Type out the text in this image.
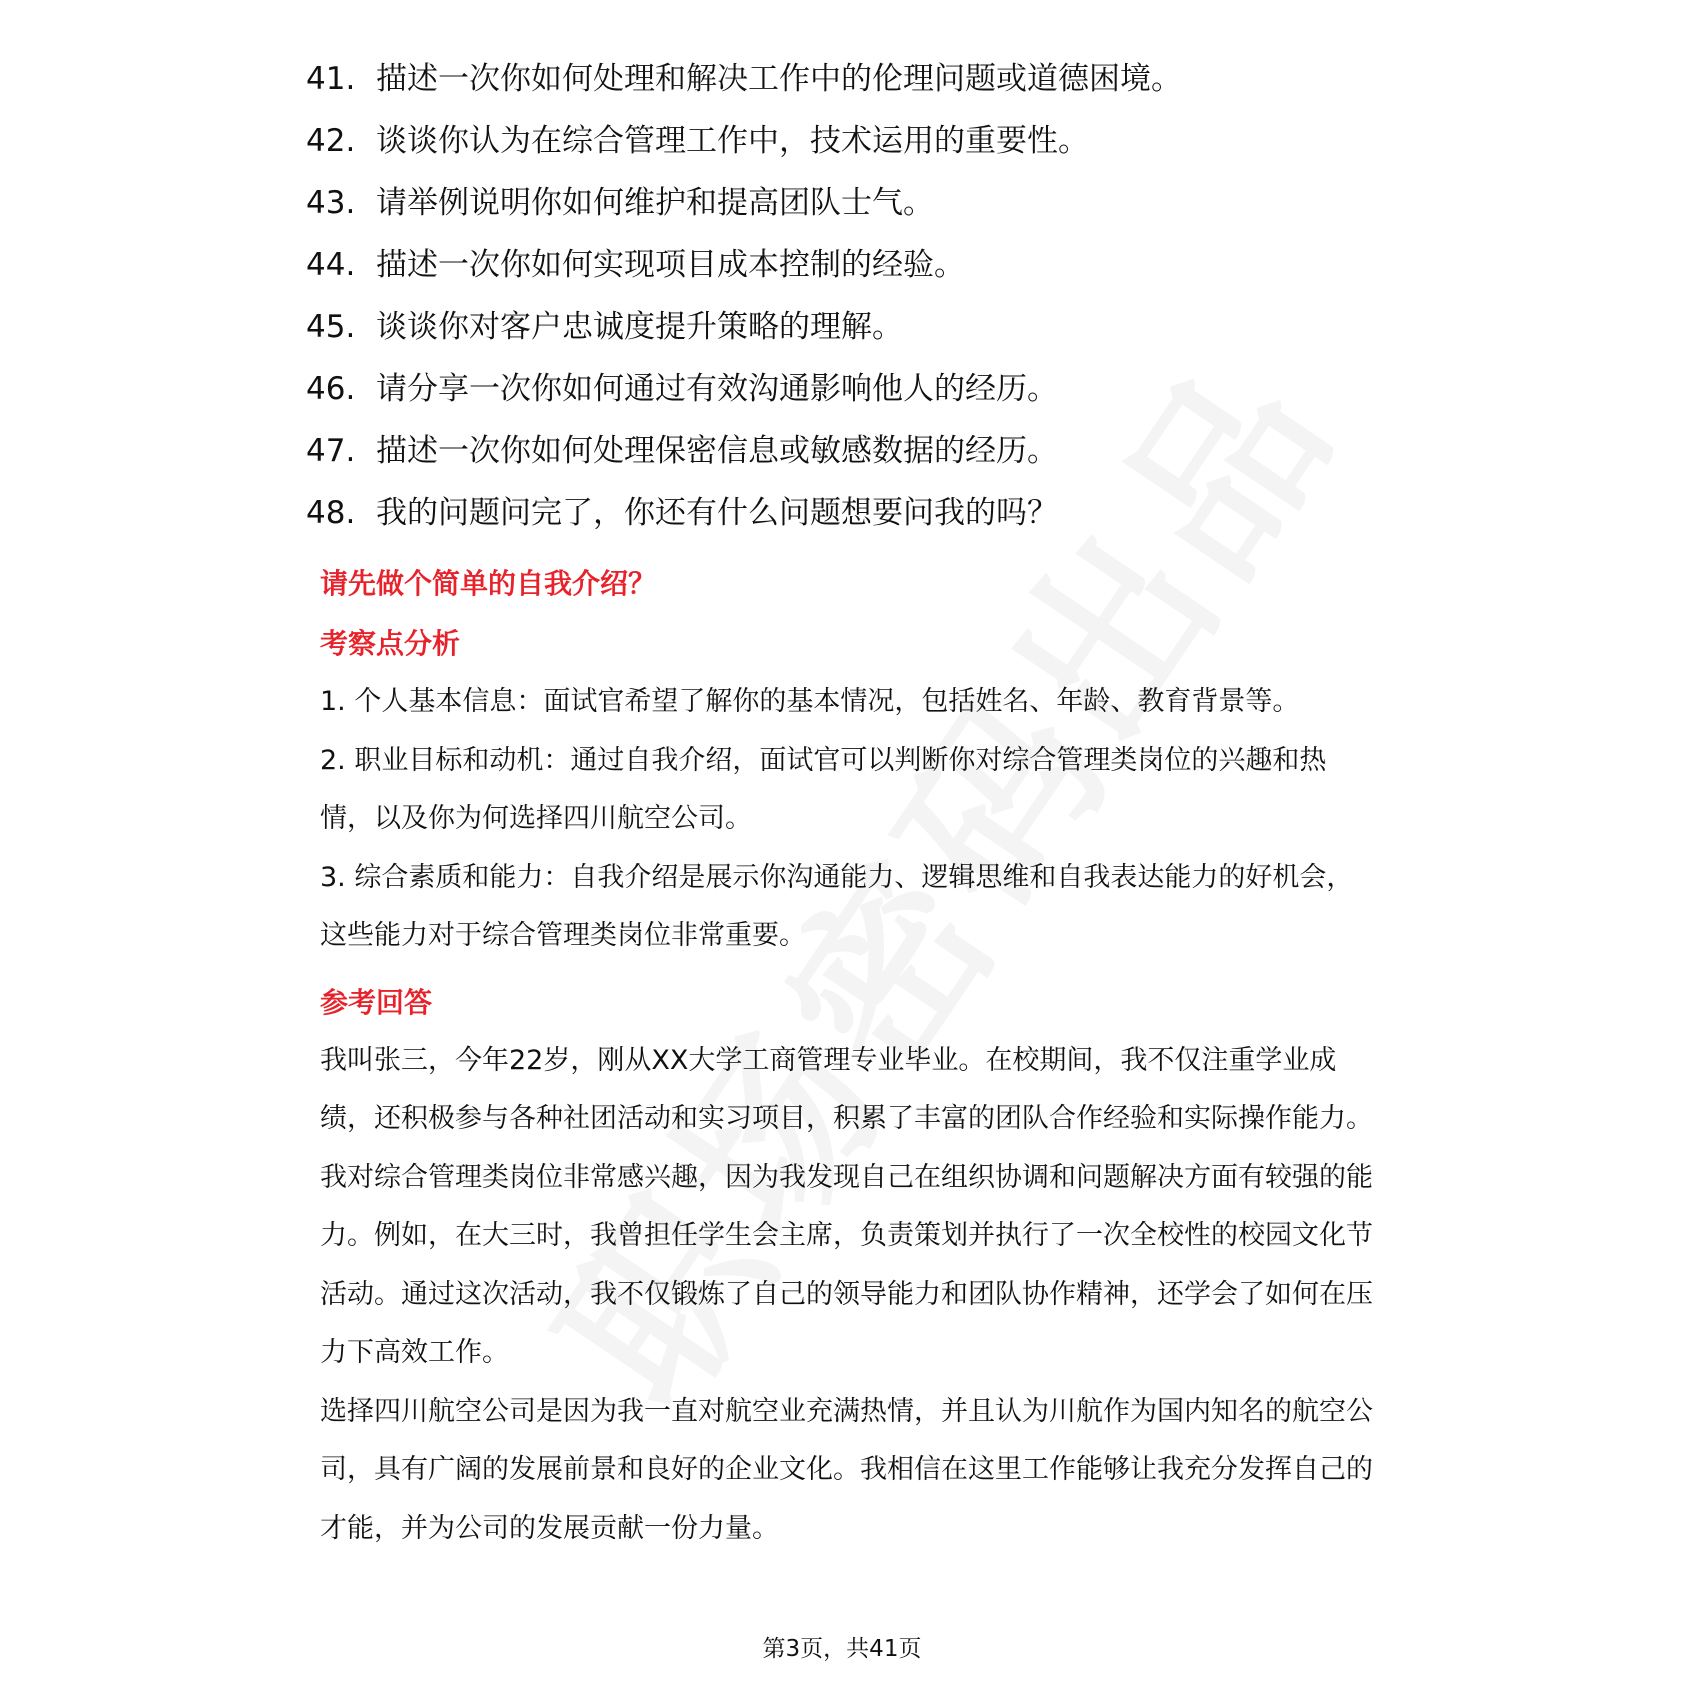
41. 描述一次你如何处理和解决工作中的伦理问题或道德困境。
42. 谈谈你认为在综合管理工作中，技术运用的重要性。
43. 请举例说明你如何维护和提高团队士气。
44. 描述一次你如何实现项目成本控制的经验。
45. 谈谈你对客户忠诚度提升策略的理解。
46. 请分享一次你如何通过有效沟通影响他人的经历。
47. 描述一次你如何处理保密信息或敏感数据的经历。
48. 我的问题问完了，你还有什么问题想要问我的吗？
请先做个简单的自我介绍？
考察点分析

1. 个人基本信息：面试官希望了解你的基本情况，包括姓名、年龄、教育背景等。

2. 职业目标和动机：通过自我介绍，面试官可以判断你对综合管理类岗位的兴趣和热情，以及你为何选择四川航空公司。

3. 综合素质和能力：自我介绍是展示你沟通能力、逻辑思维和自我表达能力的好机会，这些能力对于综合管理类岗位非常重要。

参考回答

我叫张三，今年22岁，刚从XX大学工商管理专业毕业。在校期间，我不仅注重学业成绩，还积极参与各种社团活动和实习项目，积累了丰富的团队合作经验和实际操作能力。

我对综合管理类岗位非常感兴趣，因为我发现自己在组织协调和问题解决方面有较强的能力。例如，在大三时，我曾担任学生会主席，负责策划并执行了一次全校性的校园文化节活动。通过这次活动，我不仅锻炼了自己的领导能力和团队协作精神，还学会了如何在压力下高效工作。

选择四川航空公司是因为我一直对航空业充满热情，并且认为川航作为国内知名的航空公司，具有广阔的发展前景和良好的企业文化。我相信在这里工作能够让我充分发挥自己的才能，并为公司的发展贡献一份力量。

第3页，共41页
